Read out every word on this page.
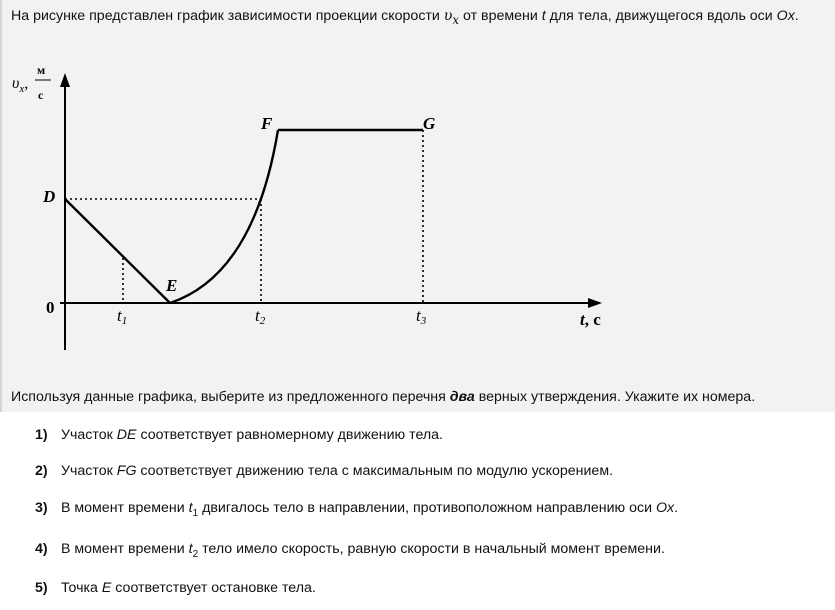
На рисунке представлен график зависимости проекции скорости $\upsilon_x$ от времени t для тела, движущегося вдоль оси Ox.
$\upsilon_x$,
м
с
0
D
E
F	G
t1	t2	t3	t, с
Используя данные графика, выберите из предложенного перечня два верных утверждения. Укажите их номера.
1) Участок DE соответствует равномерному движению тела.
2) Участок FG соответствует движению тела с максимальным по модулю ускорением.
3) В момент времени $t_1$ двигалось тело в направлении, противоположном направлению оси Ox.
4) В момент времени $t_2$ тело имело скорость, равную скорости в начальный момент времени.
5) Точка E соответствует остановке тела.
